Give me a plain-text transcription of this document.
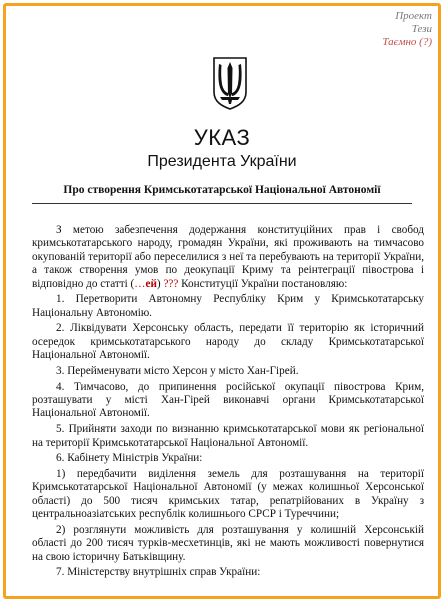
Проект
Тези
Таємно (?)
УКАЗ
Президента України
Про створення Кримськотатарської Національної Автономії

З метою забезпечення додержання конституційних прав і свобод кримськотатарського народу, громадян України, які проживають на тимчасово окупованій території або переселилися з неї та перебувають на території України, а також створення умов по деокупації Криму та реінтеграції півострова і відповідно до статті (…ей) ??? Конституції України постановляю:

1. Перетворити Автономну Республіку Крим у Кримськотатарську Національну Автономію.

2. Ліквідувати Херсонську область, передати її територію як історичний осередок кримськотатарського народу до складу Кримськотатарської Національної Автономії.

3. Перейменувати місто Херсон у місто Хан-Гірей.

4. Тимчасово, до припинення російської окупації півострова Крим, розташувати у місті Хан-Гірей виконавчі органи Кримськотатарської Національної Автономії.

5. Прийняти заходи по визнанню кримськотатарської мови як регіональної на території Кримськотатарської Національної Автономії.

6. Кабінету Міністрів України:

1) передбачити виділення земель для розташування на території Кримськотатарської Національної Автономії (у межах колишньої Херсонської області) до 500 тисяч кримських татар, репатрійованих в Україну з центральноазіатських республік колишнього СРСР і Туреччини;

2) розглянути можливість для розташування у колишній Херсонській області до 200 тисяч турків-месхетинців, які не мають можливості повернутися на свою історичну Батьківщину.

7. Міністерству внутрішніх справ України:
